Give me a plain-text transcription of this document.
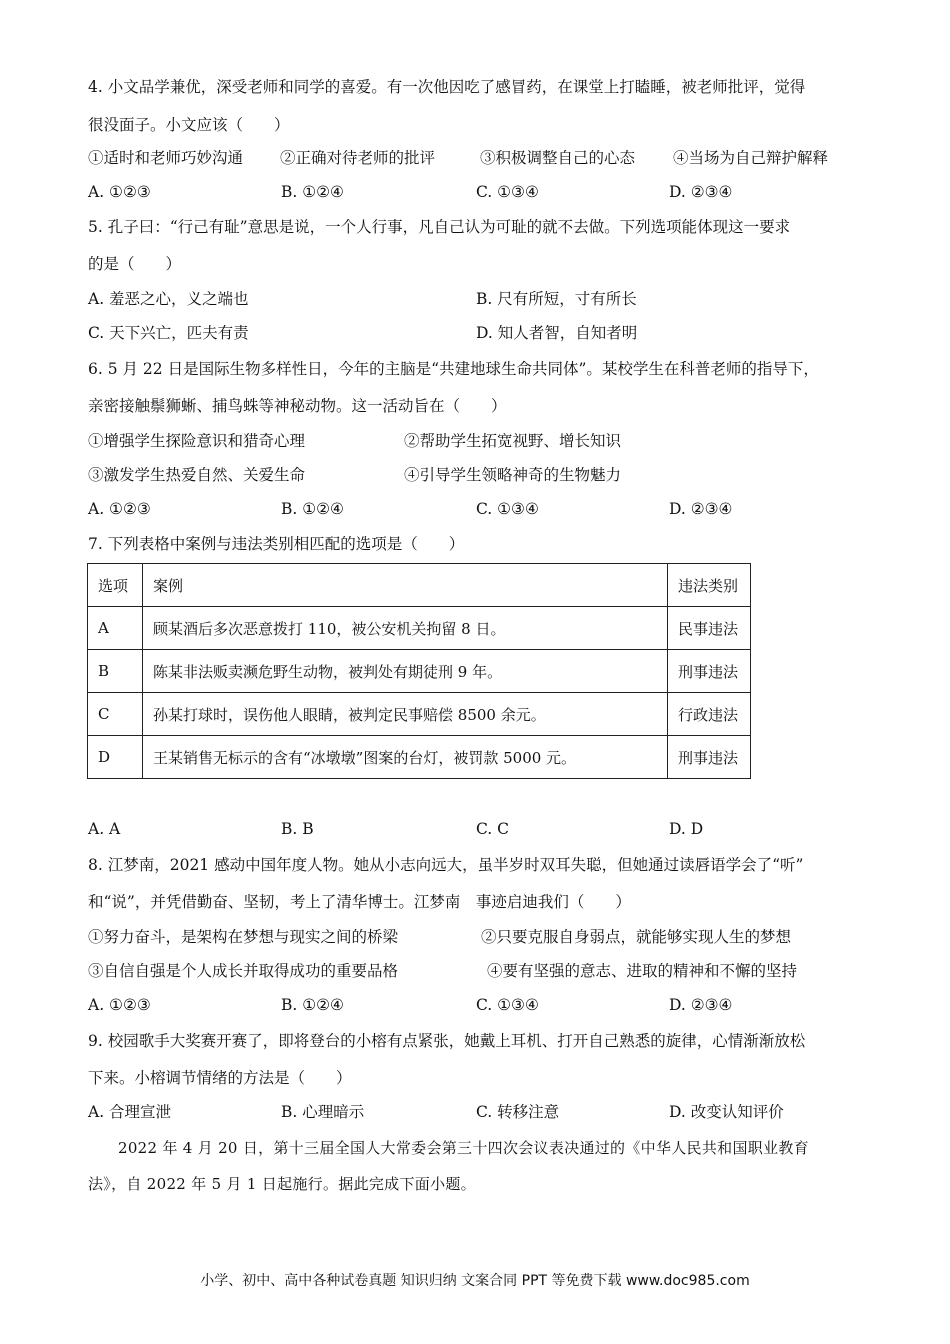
4. 小文品学兼优，深受老师和同学的喜爱。有一次他因吃了感冒药，在课堂上打瞌睡，被老师批评，觉得
很没面子。小文应该（　　）
①适时和老师巧妙沟通 ②正确对待老师的批评	③积极调整自己的心态 ④当场为自己辩护解释
A. ①②③	B. ①②④	C. ①③④	D. ②③④
5. 孔子曰：“行己有耻”意思是说，一个人行事，凡自己认为可耻的就不去做。下列选项能体现这一要求
的是（　　）
A. 羞恶之心，义之端也	B. 尺有所短，寸有所长
C. 天下兴亡，匹夫有责	D. 知人者智，自知者明
6. 5 月 22 日是国际生物多样性日，今年的主脑是“共建地球生命共同体”。某校学生在科普老师的指导下，
亲密接触鬃狮蜥、捕鸟蛛等神秘动物。这一活动旨在（　　）
①增强学生探险意识和猎奇心理	②帮助学生拓宽视野、增长知识
③激发学生热爱自然、关爱生命	④引导学生领略神奇的生物魅力
A. ①②③	B. ①②④	C. ①③④	D. ②③④
7. 下列表格中案例与违法类别相匹配的选项是（　　）
选项	案例	违法类别
A	顾某酒后多次恶意拨打 110，被公安机关拘留 8 日。	民事违法
B	陈某非法贩卖濒危野生动物，被判处有期徒刑 9 年。	刑事违法
C	孙某打球时，误伤他人眼睛，被判定民事赔偿 8500 余元。	行政违法
D	王某销售无标示的含有“冰墩墩”图案的台灯，被罚款 5000 元。	刑事违法
A. A	B. B	C. C	D. D
8. 江梦南，2021 感动中国年度人物。她从小志向远大，虽半岁时双耳失聪，但她通过读唇语学会了“听”
和“说”，并凭借勤奋、坚韧，考上了清华博士。江梦南　事迹启迪我们（　　）
①努力奋斗，是架构在梦想与现实之间的桥梁	②只要克服自身弱点，就能够实现人生的梦想
③自信自强是个人成长并取得成功的重要品格	④要有坚强的意志、进取的精神和不懈的坚持
A. ①②③	B. ①②④	C. ①③④	D. ②③④
9. 校园歌手大奖赛开赛了，即将登台的小榕有点紧张，她戴上耳机、打开自己熟悉的旋律，心情渐渐放松
下来。小榕调节情绪的方法是（　　）
A. 合理宣泄	B. 心理暗示	C. 转移注意	D. 改变认知评价
2022 年 4 月 20 日，第十三届全国人大常委会第三十四次会议表决通过的《中华人民共和国职业教育
法》，自 2022 年 5 月 1 日起施行。据此完成下面小题。
小学、初中、高中各种试卷真题 知识归纳 文案合同 PPT 等免费下载 www.doc985.com
